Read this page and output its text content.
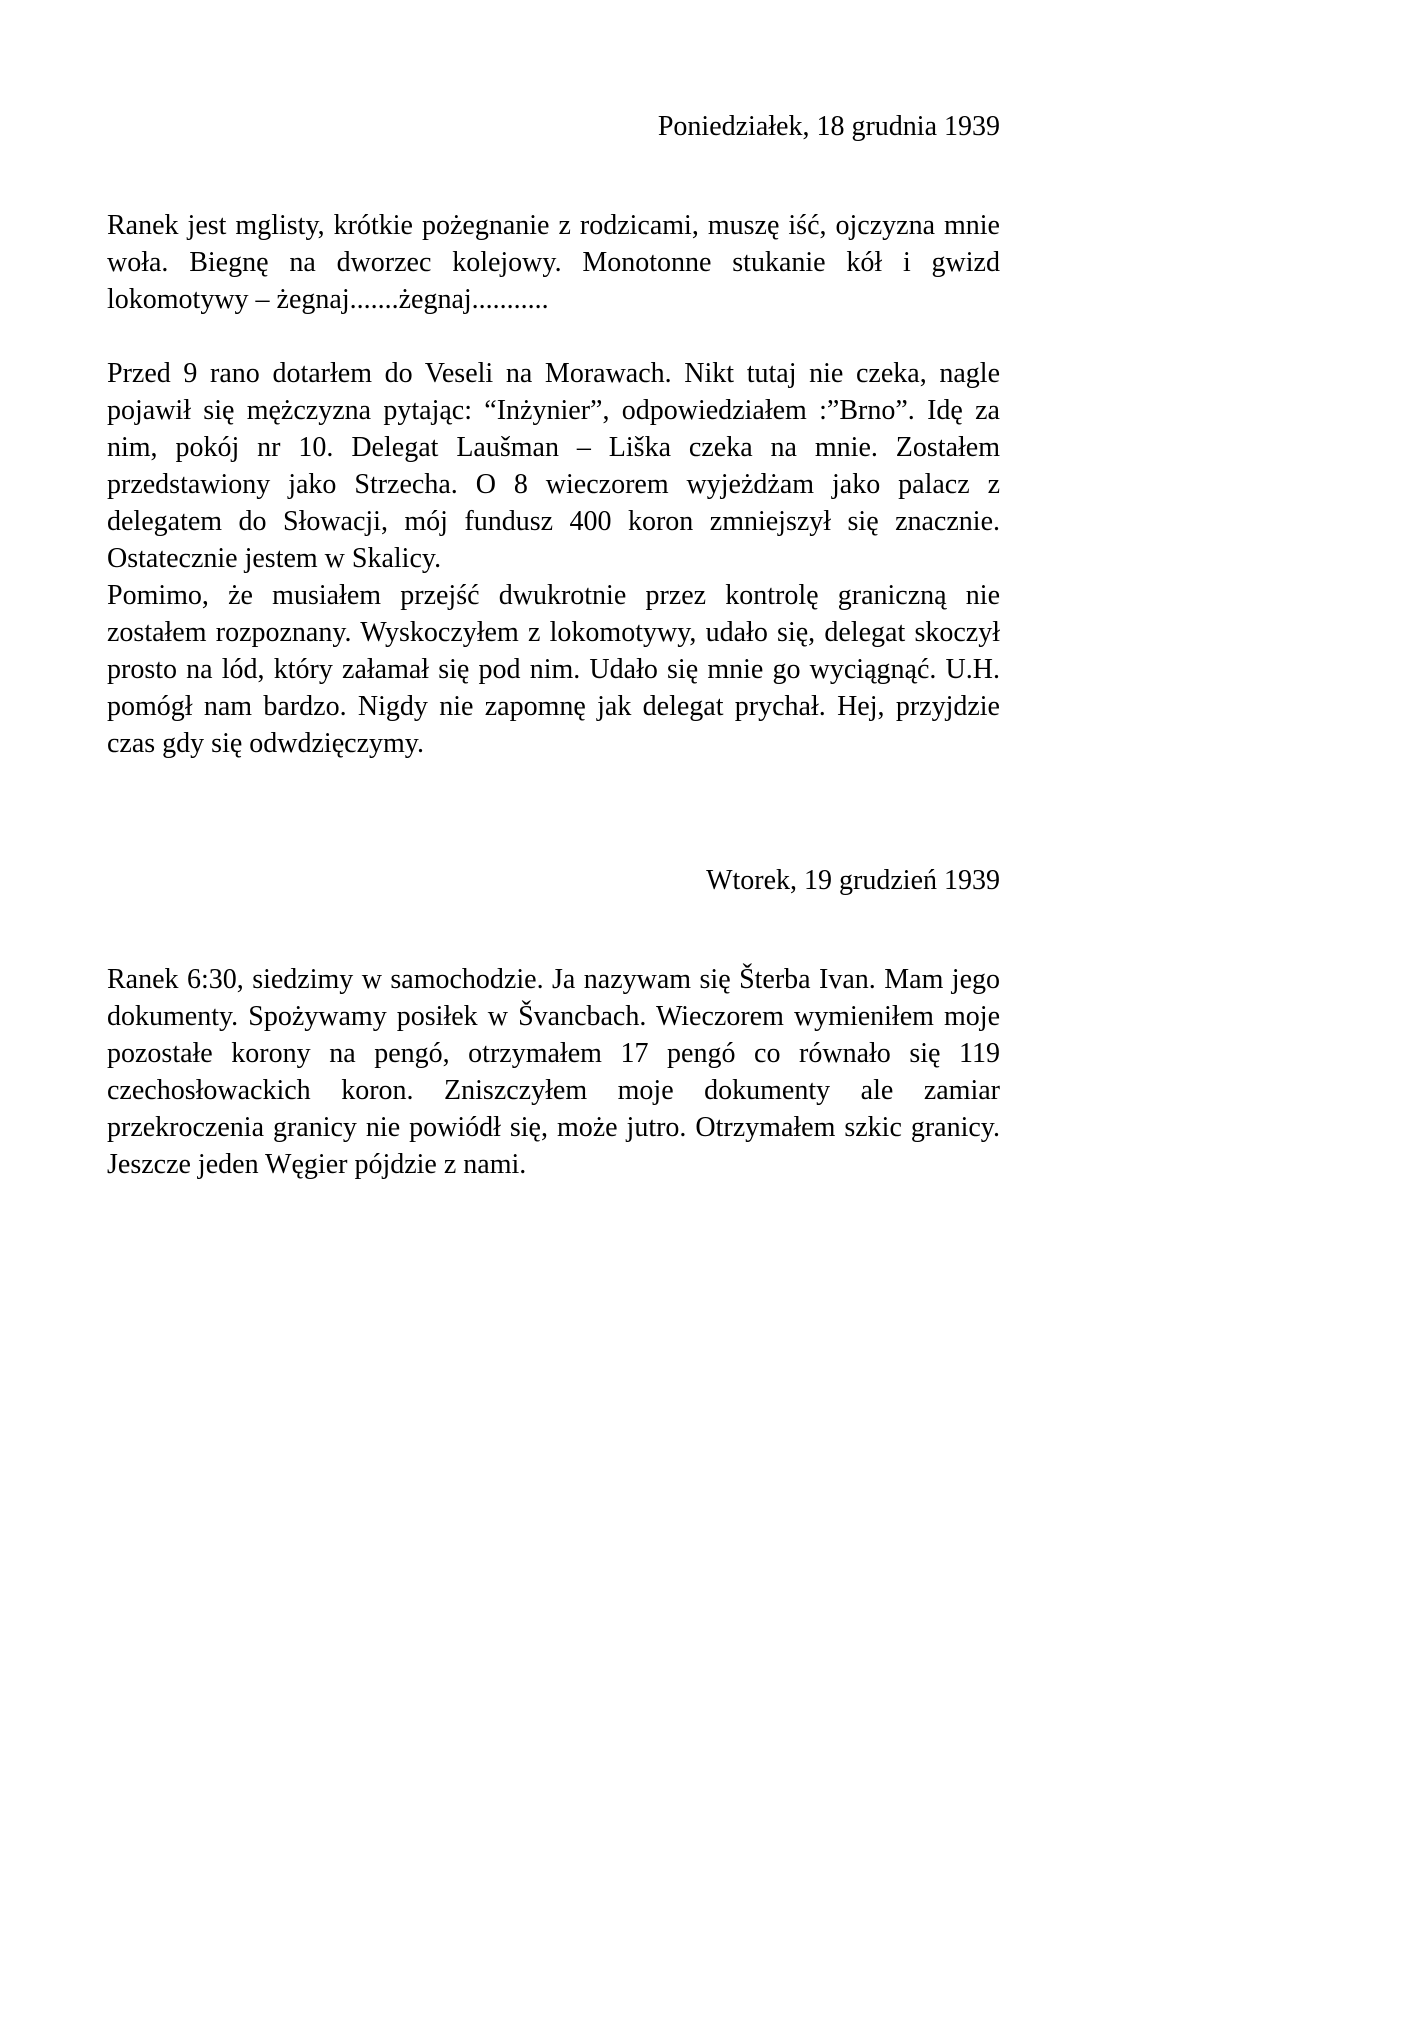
Poniedziałek, 18 grudnia 1939

Ranek jest mglisty, krótkie pożegnanie z rodzicami, muszę iść, ojczyzna mnie woła. Biegnę na dworzec kolejowy. Monotonne stukanie kół i gwizd lokomotywy – żegnaj.......żegnaj...........

Przed 9 rano dotarłem do Veseli na Morawach. Nikt tutaj nie czeka, nagle pojawił się mężczyzna pytając: “Inżynier”, odpowiedziałem :”Brno”. Idę za nim, pokój nr 10. Delegat Laušman – Liška czeka na mnie. Zostałem przedstawiony jako Strzecha. O 8 wieczorem wyjeżdżam jako palacz z delegatem do Słowacji, mój fundusz 400 koron zmniejszył się znacznie. Ostatecznie jestem w Skalicy.

Pomimo, że musiałem przejść dwukrotnie przez kontrolę graniczną nie zostałem rozpoznany. Wyskoczyłem z lokomotywy, udało się, delegat skoczył prosto na lód, który załamał się pod nim. Udało się mnie go wyciągnąć. U.H. pomógł nam bardzo. Nigdy nie zapomnę jak delegat prychał. Hej, przyjdzie czas gdy się odwdzięczymy.

Wtorek, 19 grudzień 1939

Ranek 6:30, siedzimy w samochodzie. Ja nazywam się Šterba Ivan. Mam jego dokumenty. Spożywamy posiłek w Švancbach. Wieczorem wymieniłem moje pozostałe korony na pengó, otrzymałem 17 pengó co równało się 119 czechosłowackich koron. Zniszczyłem moje dokumenty ale zamiar przekroczenia granicy nie powiódł się, może jutro. Otrzymałem szkic granicy. Jeszcze jeden Węgier pójdzie z nami.
